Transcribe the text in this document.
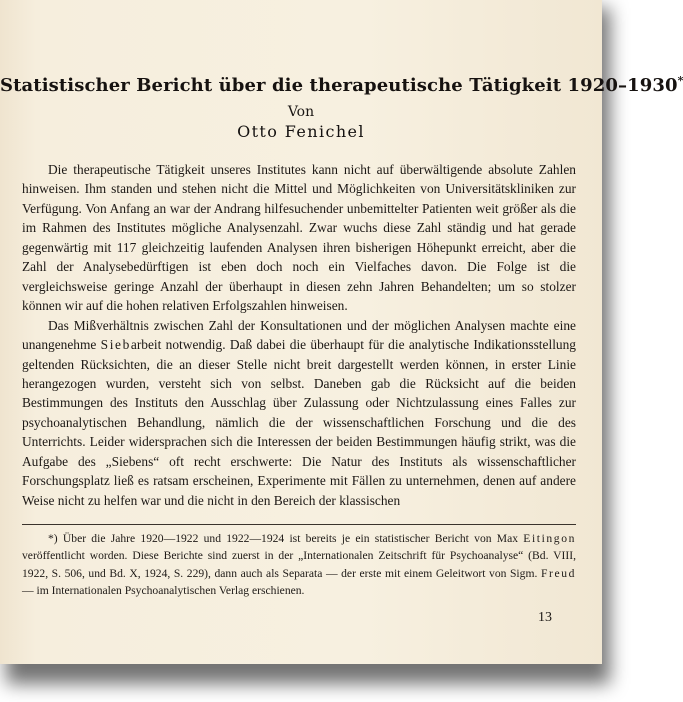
Statistischer Bericht über die therapeutische Tätigkeit 1920–1930*

Von

Otto Fenichel

Die therapeutische Tätigkeit unseres Institutes kann nicht auf überwältigende absolute Zahlen hinweisen. Ihm standen und stehen nicht die Mittel und Möglichkeiten von Universitätskliniken zur Verfügung. Von Anfang an war der Andrang hilfesuchender unbemittelter Patienten weit größer als die im Rahmen des Institutes mögliche Analysenzahl. Zwar wuchs diese Zahl ständig und hat gerade gegenwärtig mit 117 gleichzeitig laufenden Analysen ihren bisherigen Höhepunkt erreicht, aber die Zahl der Analysebedürftigen ist eben doch noch ein Vielfaches davon. Die Folge ist die vergleichsweise geringe Anzahl der überhaupt in diesen zehn Jahren Behandelten; um so stolzer können wir auf die hohen relativen Erfolgszahlen hinweisen.

Das Mißverhältnis zwischen Zahl der Konsultationen und der möglichen Analysen machte eine unangenehme Siebarbeit notwendig. Daß dabei die überhaupt für die analytische Indikationsstellung geltenden Rücksichten, die an dieser Stelle nicht breit dargestellt werden können, in erster Linie herangezogen wurden, versteht sich von selbst. Daneben gab die Rücksicht auf die beiden Bestimmungen des Instituts den Ausschlag über Zulassung oder Nichtzulassung eines Falles zur psychoanalytischen Behandlung, nämlich die der wissenschaftlichen Forschung und die des Unterrichts. Leider widersprachen sich die Interessen der beiden Bestimmungen häufig strikt, was die Aufgabe des „Siebens“ oft recht erschwerte: Die Natur des Instituts als wissenschaftlicher Forschungsplatz ließ es ratsam erscheinen, Experimente mit Fällen zu unternehmen, denen auf andere Weise nicht zu helfen war und die nicht in den Bereich der klassischen

*) Über die Jahre 1920—1922 und 1922—1924 ist bereits je ein statistischer Bericht von Max Eitingon veröffentlicht worden. Diese Berichte sind zuerst in der „Internationalen Zeitschrift für Psychoanalyse“ (Bd. VIII, 1922, S. 506, und Bd. X, 1924, S. 229), dann auch als Separata — der erste mit einem Geleitwort von Sigm. Freud — im Internationalen Psychoanalytischen Verlag erschienen.

13
